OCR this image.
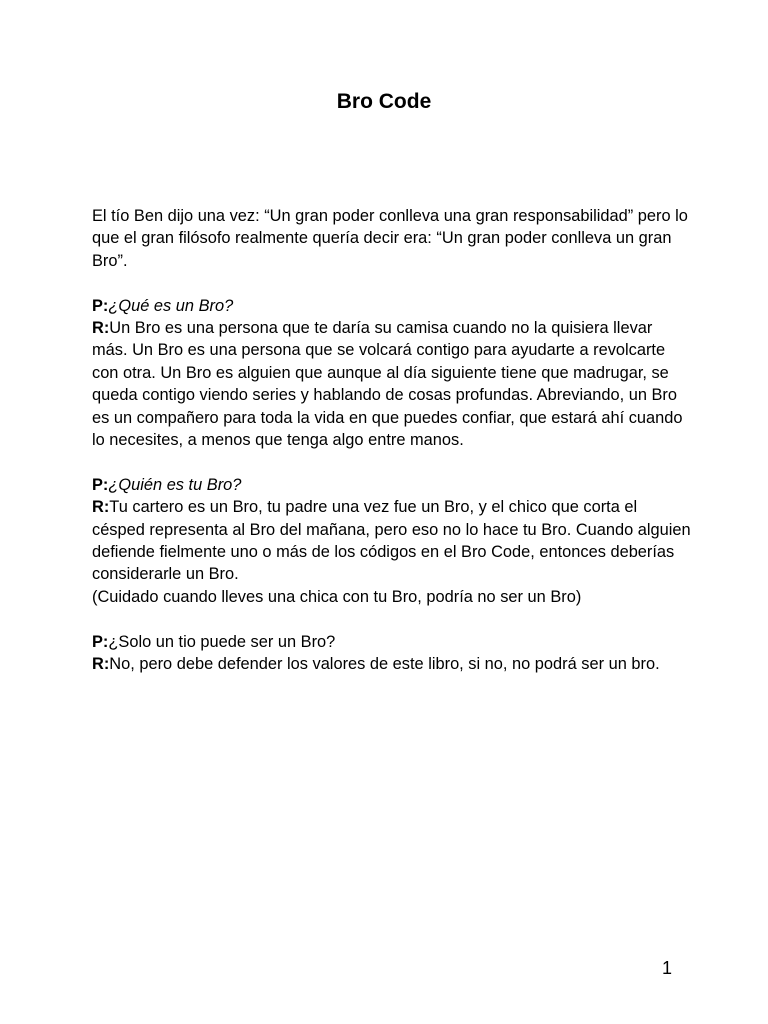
Bro Code

El tío Ben dijo una vez: “Un gran poder conlleva una gran responsabilidad” pero lo que el gran filósofo realmente quería decir era: “Un gran poder conlleva un gran Bro”.

P:¿Qué es un Bro?

R:Un Bro es una persona que te daría su camisa cuando no la quisiera llevar más. Un Bro es una persona que se volcará contigo para ayudarte a revolcarte con otra. Un Bro es alguien que aunque al día siguiente tiene que madrugar, se queda contigo viendo series y hablando de cosas profundas. Abreviando, un Bro es un compañero para toda la vida en que puedes confiar, que estará ahí cuando lo necesites, a menos que tenga algo entre manos.

P:¿Quién es tu Bro?

R:Tu cartero es un Bro, tu padre una vez fue un Bro, y el chico que corta el césped representa al Bro del mañana, pero eso no lo hace tu Bro. Cuando alguien defiende fielmente uno o más de los códigos en el Bro Code, entonces deberías considerarle un Bro.

(Cuidado cuando lleves una chica con tu Bro, podría no ser un Bro)

P:¿Solo un tio puede ser un Bro?

R:No, pero debe defender los valores de este libro, si no, no podrá ser un bro.

1
